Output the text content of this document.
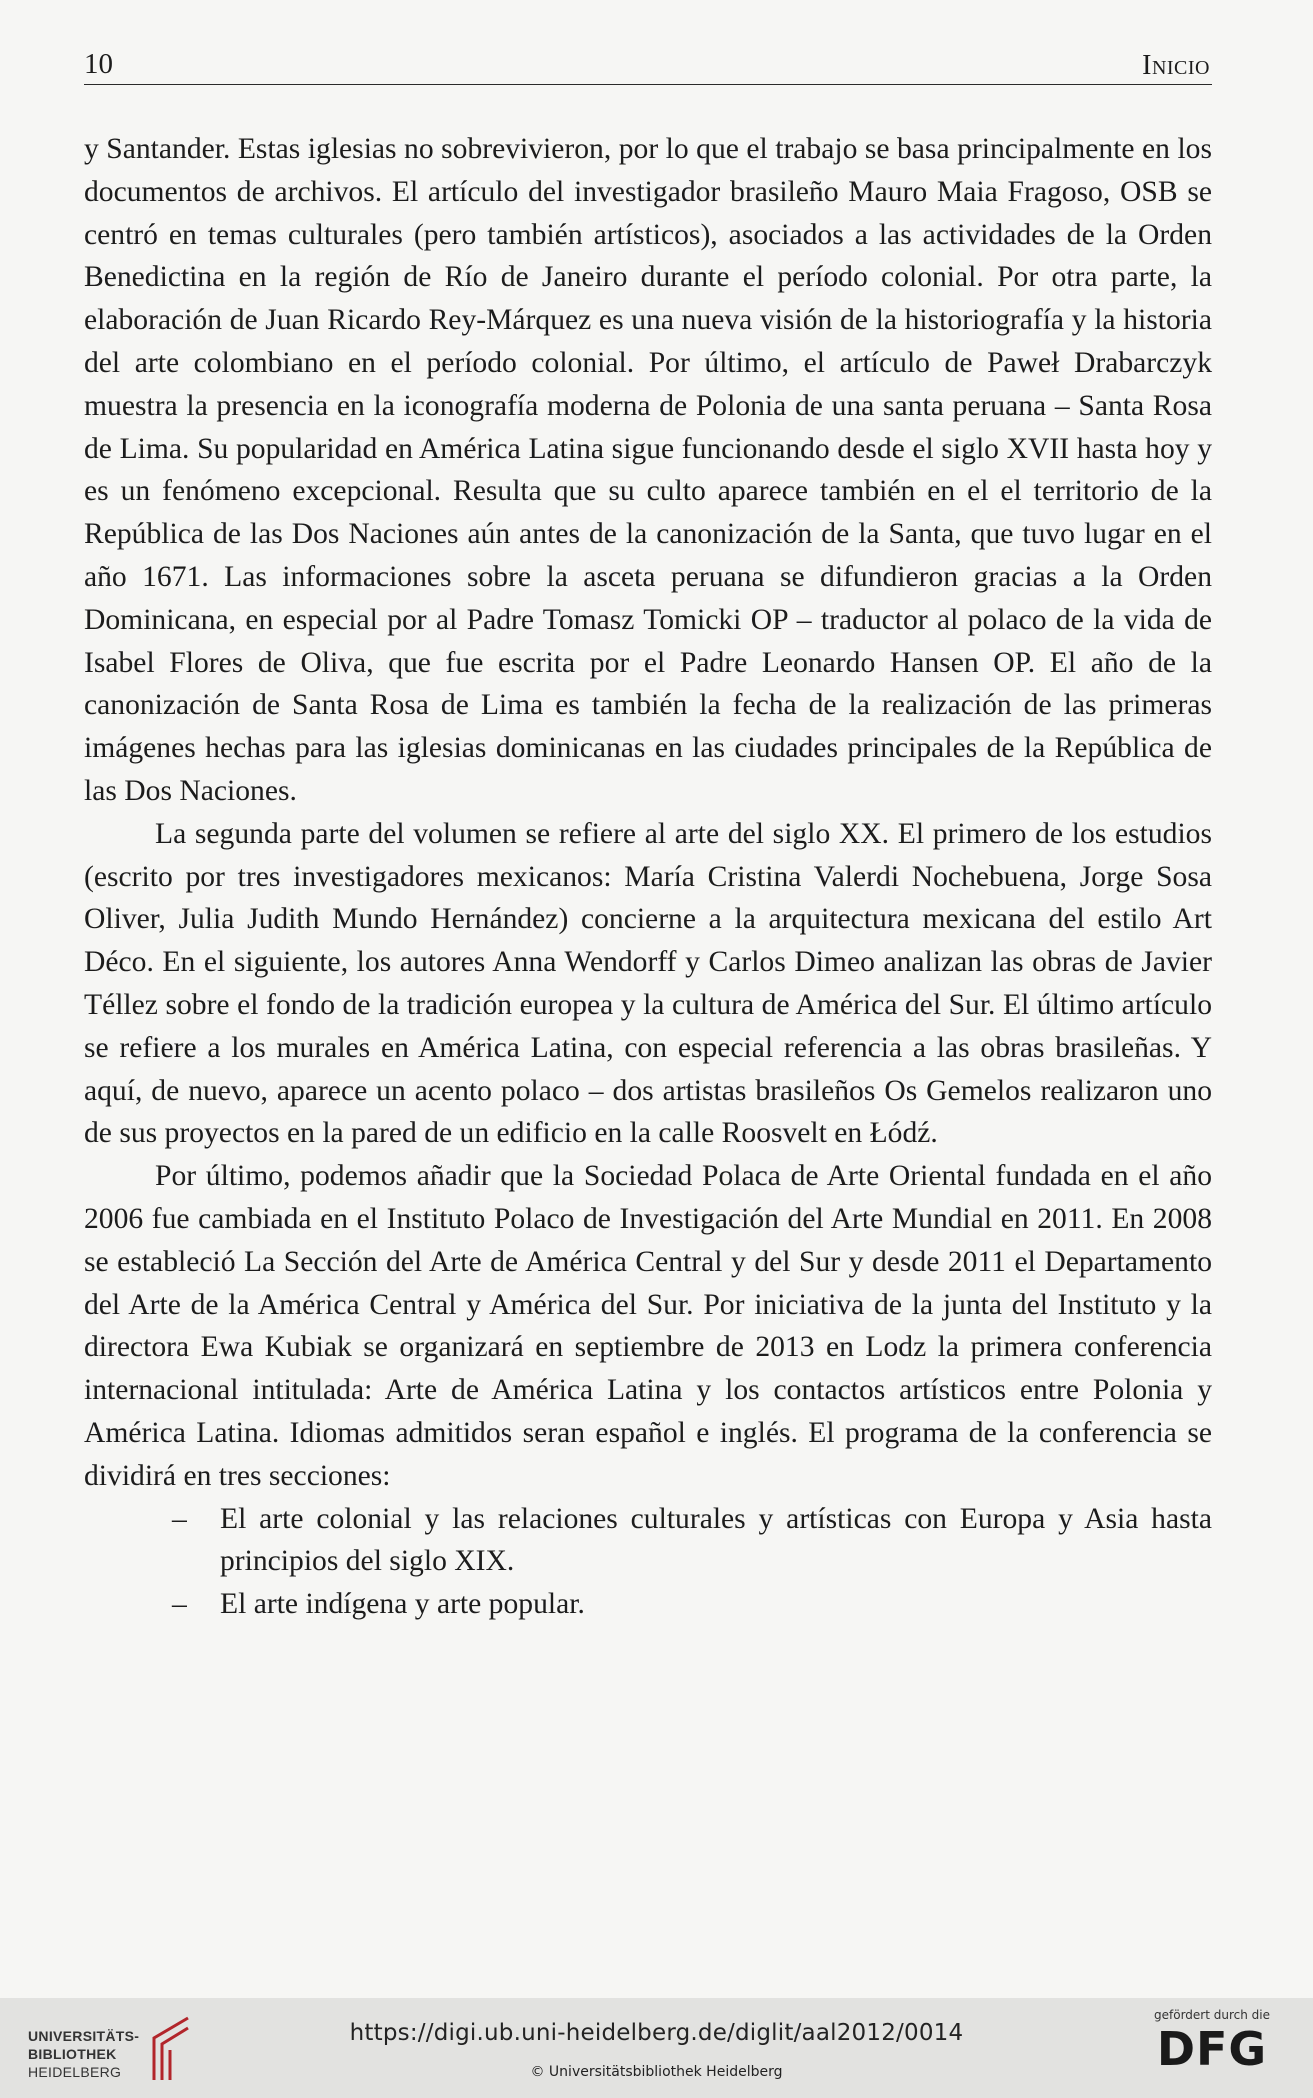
10	Inicio

y Santander. Estas iglesias no sobrevivieron, por lo que el trabajo se basa principalmente en los documentos de archivos. El artículo del investigador brasileño Mauro Maia Fragoso, OSB se centró en temas culturales (pero también artísticos), asociados a las actividades de la Orden Benedictina en la región de Río de Janeiro durante el período colonial. Por otra parte, la elaboración de Juan Ricardo Rey-Márquez es una nueva visión de la historiografía y la historia del arte colombiano en el período colonial. Por último, el artículo de Paweł Drabarczyk muestra la presencia en la iconografía moderna de Polonia de una santa peruana – Santa Rosa de Lima. Su popularidad en América Latina sigue funcionando desde el siglo XVII hasta hoy y es un fenómeno excepcional. Resulta que su culto aparece también en el el territorio de la República de las Dos Naciones aún antes de la canonización de la Santa, que tuvo lugar en el año 1671. Las informaciones sobre la asceta peruana se difundieron gracias a la Orden Dominicana, en especial por al Padre Tomasz Tomicki OP – traductor al polaco de la vida de Isabel Flores de Oliva, que fue escrita por el Padre Leonardo Hansen OP. El año de la canonización de Santa Rosa de Lima es también la fecha de la realización de las primeras imágenes hechas para las iglesias dominicanas en las ciudades principales de la República de las Dos Naciones.

La segunda parte del volumen se refiere al arte del siglo XX. El primero de los estudios (escrito por tres investigadores mexicanos: María Cristina Valerdi Nochebuena, Jorge Sosa Oliver, Julia Judith Mundo Hernández) concierne a la arquitectura mexicana del estilo Art Déco. En el siguiente, los autores Anna Wendorff y Carlos Dimeo analizan las obras de Javier Téllez sobre el fondo de la tradición europea y la cultura de América del Sur. El último artículo se refiere a los murales en América Latina, con especial referencia a las obras brasileñas. Y aquí, de nuevo, aparece un acento polaco – dos artistas brasileños Os Gemelos realizaron uno de sus proyectos en la pared de un edificio en la calle Roosvelt en Łódź.

Por último, podemos añadir que la Sociedad Polaca de Arte Oriental fundada en el año 2006 fue cambiada en el Instituto Polaco de Investigación del Arte Mundial en 2011. En 2008 se estableció La Sección del Arte de América Central y del Sur y desde 2011 el Departamento del Arte de la América Central y América del Sur. Por iniciativa de la junta del Instituto y la directora Ewa Kubiak se organizará en septiembre de 2013 en Lodz la primera conferencia internacional intitulada: Arte de América Latina y los contactos artísticos entre Polonia y América Latina. Idiomas admitidos seran español e inglés. El programa de la conferencia se dividirá en tres secciones:

– El arte colonial y las relaciones culturales y artísticas con Europa y Asia hasta principios del siglo XIX.
– El arte indígena y arte popular.
UNIVERSITÄTS-
BIBLIOTHEK
HEIDELBERG
https://digi.ub.uni-heidelberg.de/diglit/aal2012/0014
© Universitätsbibliothek Heidelberg
gefördert durch die
DFG
